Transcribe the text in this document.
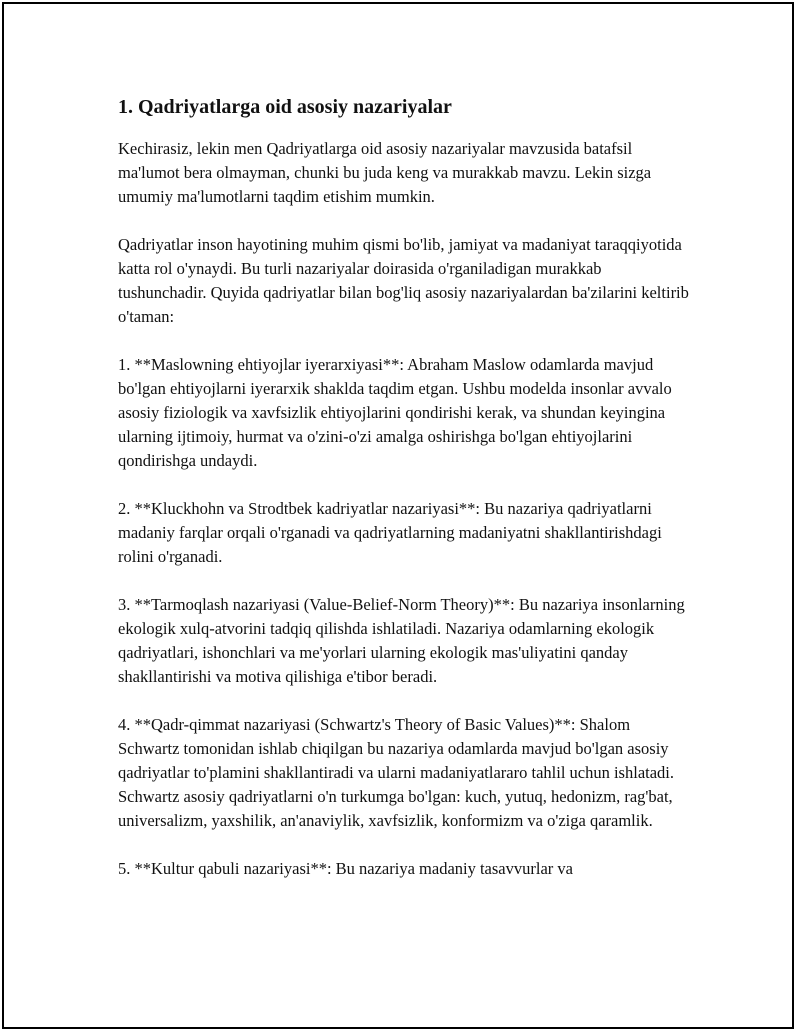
1. Qadriyatlarga oid asosiy nazariyalar

Kechirasiz, lekin men Qadriyatlarga oid asosiy nazariyalar mavzusida batafsil ma'lumot bera olmayman, chunki bu juda keng va murakkab mavzu. Lekin sizga umumiy ma'lumotlarni taqdim etishim mumkin.

Qadriyatlar inson hayotining muhim qismi bo'lib, jamiyat va madaniyat taraqqiyotida katta rol o'ynaydi. Bu turli nazariyalar doirasida o'rganiladigan murakkab tushunchadir. Quyida qadriyatlar bilan bog'liq asosiy nazariyalardan ba'zilarini keltirib o'taman:

1. **Maslowning ehtiyojlar iyerarxiyasi**: Abraham Maslow odamlarda mavjud bo'lgan ehtiyojlarni iyerarxik shaklda taqdim etgan. Ushbu modelda insonlar avvalo asosiy fiziologik va xavfsizlik ehtiyojlarini qondirishi kerak, va shundan keyingina ularning ijtimoiy, hurmat va o'zini-o'zi amalga oshirishga bo'lgan ehtiyojlarini qondirishga undaydi.

2. **Kluckhohn va Strodtbek kadriyatlar nazariyasi**: Bu nazariya qadriyatlarni madaniy farqlar orqali o'rganadi va qadriyatlarning madaniyatni shakllantirishdagi rolini o'rganadi.

3. **Tarmoqlash nazariyasi (Value-Belief-Norm Theory)**: Bu nazariya insonlarning ekologik xulq-atvorini tadqiq qilishda ishlatiladi. Nazariya odamlarning ekologik qadriyatlari, ishonchlari va me'yorlari ularning ekologik mas'uliyatini qanday shakllantirishi va motiva qilishiga e'tibor beradi.

4. **Qadr-qimmat nazariyasi (Schwartz's Theory of Basic Values)**: Shalom Schwartz tomonidan ishlab chiqilgan bu nazariya odamlarda mavjud bo'lgan asosiy qadriyatlar to'plamini shakllantiradi va ularni madaniyatlararo tahlil uchun ishlatadi. Schwartz asosiy qadriyatlarni o'n turkumga bo'lgan: kuch, yutuq, hedonizm, rag'bat, universalizm, yaxshilik, an'anaviylik, xavfsizlik, konformizm va o'ziga qaramlik.

5. **Kultur qabuli nazariyasi**: Bu nazariya madaniy tasavvurlar va
